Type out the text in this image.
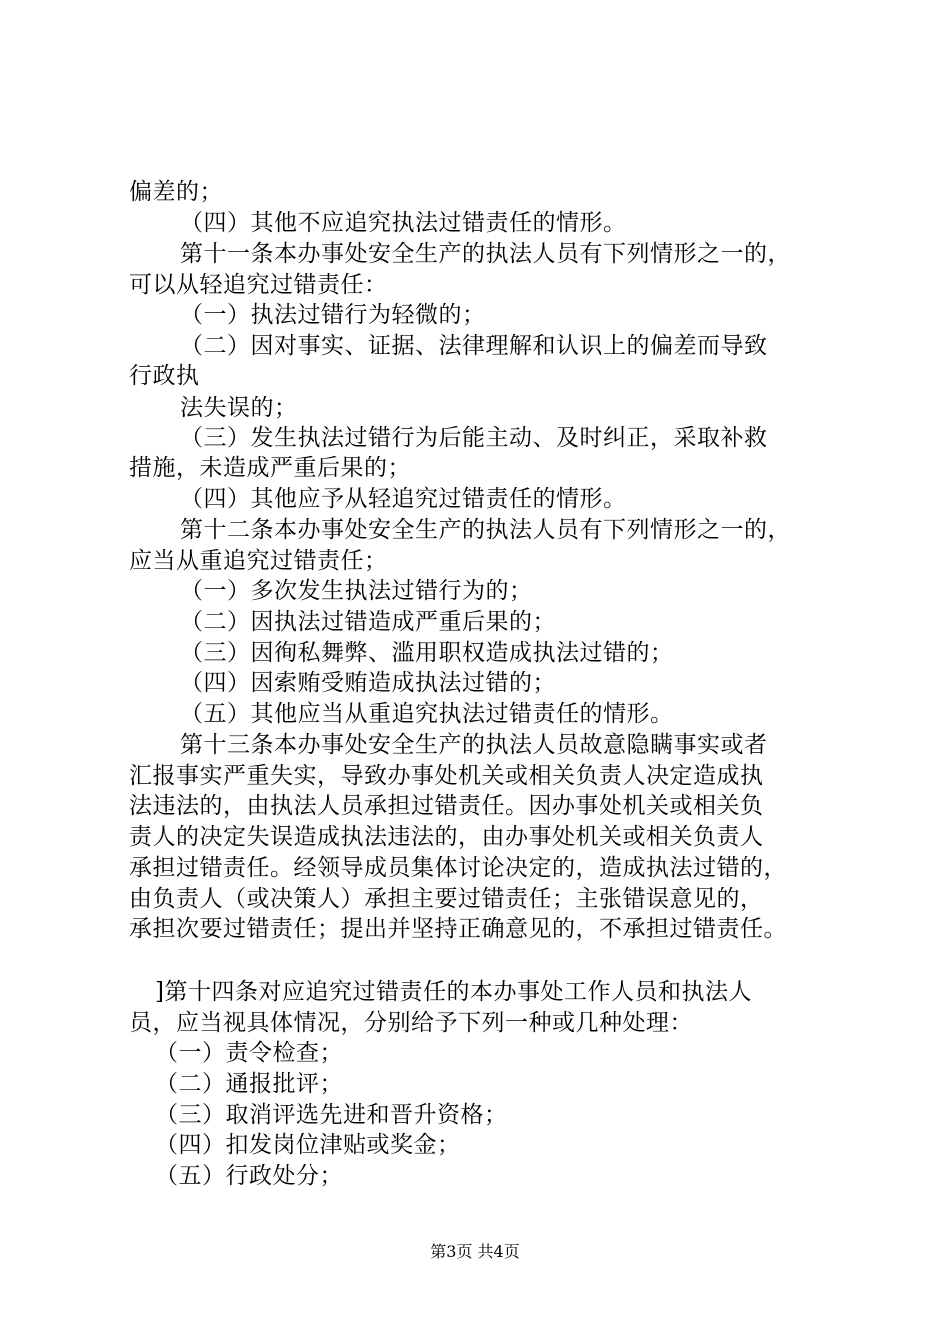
偏差的；
（四）其他不应追究执法过错责任的情形。
第十一条本办事处安全生产的执法人员有下列情形之一的，
可以从轻追究过错责任：
（一）执法过错行为轻微的；
（二）因对事实、证据、法律理解和认识上的偏差而导致
行政执
法失误的；
（三）发生执法过错行为后能主动、及时纠正，采取补救
措施，未造成严重后果的；
（四）其他应予从轻追究过错责任的情形。
第十二条本办事处安全生产的执法人员有下列情形之一的，
应当从重追究过错责任；
（一）多次发生执法过错行为的；
（二）因执法过错造成严重后果的；
（三）因徇私舞弊、滥用职权造成执法过错的；
（四）因索贿受贿造成执法过错的；
（五）其他应当从重追究执法过错责任的情形。
第十三条本办事处安全生产的执法人员故意隐瞒事实或者
汇报事实严重失实，导致办事处机关或相关负责人决定造成执
法违法的，由执法人员承担过错责任。因办事处机关或相关负
责人的决定失误造成执法违法的，由办事处机关或相关负责人
承担过错责任。经领导成员集体讨论决定的，造成执法过错的，
由负责人（或决策人）承担主要过错责任；主张错误意见的，
承担次要过错责任；提出并坚持正确意见的，不承担过错责任。
]第十四条对应追究过错责任的本办事处工作人员和执法人
员，应当视具体情况，分别给予下列一种或几种处理：
（一）责令检查；
（二）通报批评；
（三）取消评选先进和晋升资格；
（四）扣发岗位津贴或奖金；
（五）行政处分；
第3页 共4页
